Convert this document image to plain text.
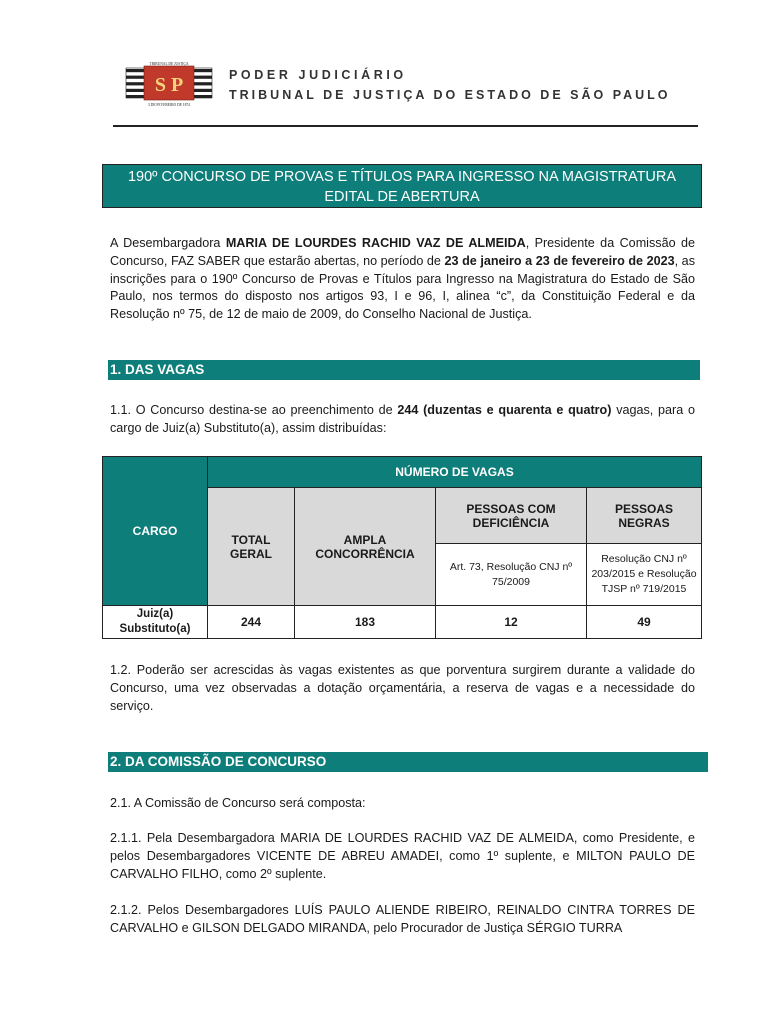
TRIBUNAL DE JUSTIÇA
S P
3 DE FEVEREIRO DE 1874
PODER JUDICIÁRIO
TRIBUNAL DE JUSTIÇA DO ESTADO DE SÃO PAULO
190º CONCURSO DE PROVAS E TÍTULOS PARA INGRESSO NA MAGISTRATURA
EDITAL DE ABERTURA
A Desembargadora MARIA DE LOURDES RACHID VAZ DE ALMEIDA, Presidente da Comissão de Concurso, FAZ SABER que estarão abertas, no período de 23 de janeiro a 23 de fevereiro de 2023, as inscrições para o 190º Concurso de Provas e Títulos para Ingresso na Magistratura do Estado de São Paulo, nos termos do disposto nos artigos 93, I e 96, I, alinea “c”, da Constituição Federal e da Resolução nº 75, de 12 de maio de 2009, do Conselho Nacional de Justiça.
1. DAS VAGAS
1.1. O Concurso destina-se ao preenchimento de 244 (duzentas e quarenta e quatro) vagas, para o cargo de Juiz(a) Substituto(a), assim distribuídas:
CARGO	NÚMERO DE VAGAS			
	TOTAL GERAL	AMPLA CONCORRÊNCIA	PESSOAS COM DEFICIÊNCIA	PESSOAS NEGRAS
			Art. 73, Resolução CNJ nº 75/2009	Resolução CNJ nº 203/2015 e Resolução TJSP nº 719/2015
Juiz(a) Substituto(a)	244	183	12	49
1.2. Poderão ser acrescidas às vagas existentes as que porventura surgirem durante a validade do Concurso, uma vez observadas a dotação orçamentária, a reserva de vagas e a necessidade do serviço.
2. DA COMISSÃO DE CONCURSO
2.1. A Comissão de Concurso será composta:
2.1.1. Pela Desembargadora MARIA DE LOURDES RACHID VAZ DE ALMEIDA, como Presidente, e pelos Desembargadores VICENTE DE ABREU AMADEI, como 1º suplente, e MILTON PAULO DE CARVALHO FILHO, como 2º suplente.
2.1.2. Pelos Desembargadores LUÍS PAULO ALIENDE RIBEIRO, REINALDO CINTRA TORRES DE CARVALHO e GILSON DELGADO MIRANDA, pelo Procurador de Justiça SÉRGIO TURRA
